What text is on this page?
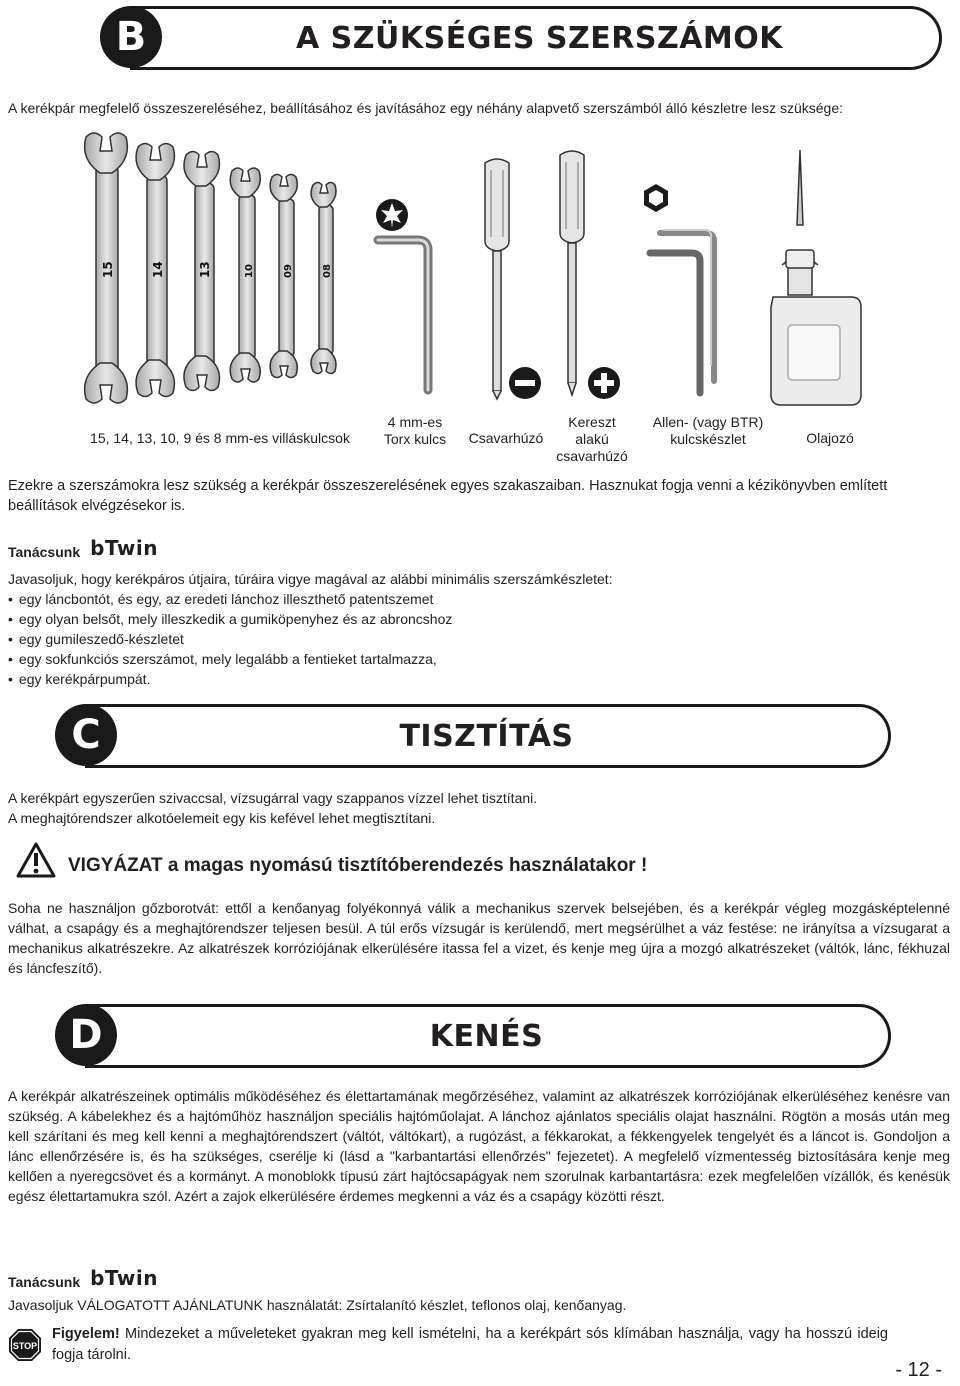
B	A SZÜKSÉGES SZERSZÁMOK

A kerékpár megfelelő összeszereléséhez, beállításához és javításához egy néhány alapvető szerszámból álló készletre lesz szüksége:

15	14	13	10	09	08
15, 14, 13, 10, 9 és 8 mm-es villáskulcsok
4 mm-es
Torx kulcs	Csavarhúzó
Kereszt
alakú
csavarhúzó
Allen- (vagy BTR)
kulcskészlet	Olajozó

Ezekre a szerszámokra lesz szükség a kerékpár összeszerelésének egyes szakaszaiban. Hasznukat fogja venni a kézikönyvben említett beállítások elvégzésekor is.

Tanácsunk bTwin

Javasoljuk, hogy kerékpáros útjaira, túráira vigye magával az alábbi minimális szerszámkészletet:

• egy láncbontót, és egy, az eredeti lánchoz illeszthető patentszemet
• egy olyan belsőt, mely illeszkedik a gumiköpenyhez és az abroncshoz
• egy gumileszedő-készletet
• egy sokfunkciós szerszámot, mely legalább a fentieket tartalmazza,
• egy kerékpárpumpát.
C	TISZTÍTÁS

A kerékpárt egyszerűen szivaccsal, vízsugárral vagy szappanos vízzel lehet tisztítani.

A meghajtórendszer alkotóelemeit egy kis kefével lehet megtisztítani.

VIGYÁZAT a magas nyomású tisztítóberendezés használatakor !

Soha ne használjon gőzborotvát: ettől a kenőanyag folyékonnyá válik a mechanikus szervek belsejében, és a kerékpár végleg mozgásképtelenné válhat, a csapágy és a meghajtórendszer teljesen besül. A túl erős vízsugár is kerülendő, mert megsérülhet a váz festése: ne irányítsa a vízsugarat a mechanikus alkatrészekre. Az alkatrészek korróziójának elkerülésére itassa fel a vizet, és kenje meg újra a mozgó alkatrészeket (váltók, lánc, fékhuzal és láncfeszítő).

D	KENÉS

A kerékpár alkatrészeinek optimális működéséhez és élettartamának megőrzéséhez, valamint az alkatrészek korróziójának elkerüléséhez kenésre van szükség. A kábelekhez és a hajtóműhöz használjon speciális hajtóműolajat. A lánchoz ajánlatos speciális olajat használni. Rögtön a mosás után meg kell szárítani és meg kell kenni a meghajtórendszert (váltót, váltókart), a rugózást, a fékkarokat, a fékkengyelek tengelyét és a láncot is. Gondoljon a lánc ellenőrzésére is, és ha szükséges, cserélje ki (lásd a "karbantartási ellenőrzés" fejezetet). A megfelelő vízmentesség biztosítására kenje meg kellően a nyeregcsövet és a kormányt. A monoblokk típusú zárt hajtócsapágyak nem szorulnak karbantartásra: ezek megfelelően vízállók, és kenésük egész élettartamukra szól. Azért a zajok elkerülésére érdemes megkenni a váz és a csapágy közötti részt.

Tanácsunk bTwin
Javasoljuk VÁLOGATOTT AJÁNLATUNK használatát: Zsírtalanító készlet, teflonos olaj, kenőanyag.
STOP
Figyelem! Mindezeket a műveleteket gyakran meg kell ismételni, ha a kerékpárt sós klímában használja, vagy ha hosszú ideig fogja tárolni.
- 12 -
